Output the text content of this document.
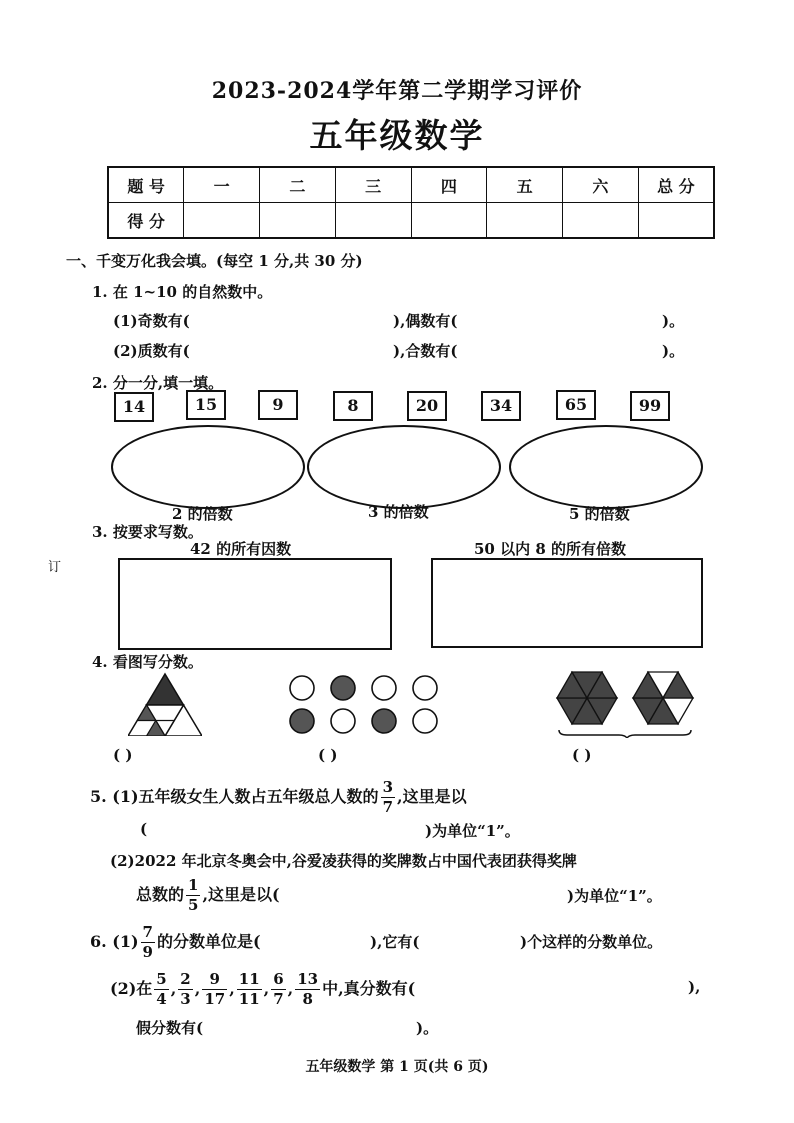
2023-2024学年第二学期学习评价
五年级数学
题 号	一	二	三	四	五	六	总 分
得 分							
一、千变万化我会填。(每空 1 分,共 30 分)
1. 在 1~10 的自然数中。
(1)奇数有(	),偶数有(	)。
(2)质数有(	),合数有(	)。
2. 分一分,填一填。
14	15	9	8	20	34	65	99
2 的倍数	3 的倍数	5 的倍数
订
3. 按要求写数。
42 的所有因数	50 以内 8 的所有倍数
4. 看图写分数。
( )	( )	( )
5. (1)五年级女生人数占五年级总人数的 $\frac{3}{7}$ ,这里是以
(	)为单位“1”。
(2)2022 年北京冬奥会中,谷爱凌获得的奖牌数占中国代表团获得奖牌
总数的 $\frac{1}{5}$ ,这里是以(	)为单位“1”。
6. $(1) \frac{7}{9}$ 的分数单位是(	),它有(	)个这样的分数单位。
(2)在 $\frac{5}{4}$ , $\frac{2}{3}$ , $\frac{9}{17}$ , $\frac{11}{11}$ , $\frac{6}{7}$ , $\frac{13}{8}$ 中,真分数有(	),
假分数有(	)。
五年级数学 第 1 页(共 6 页)
